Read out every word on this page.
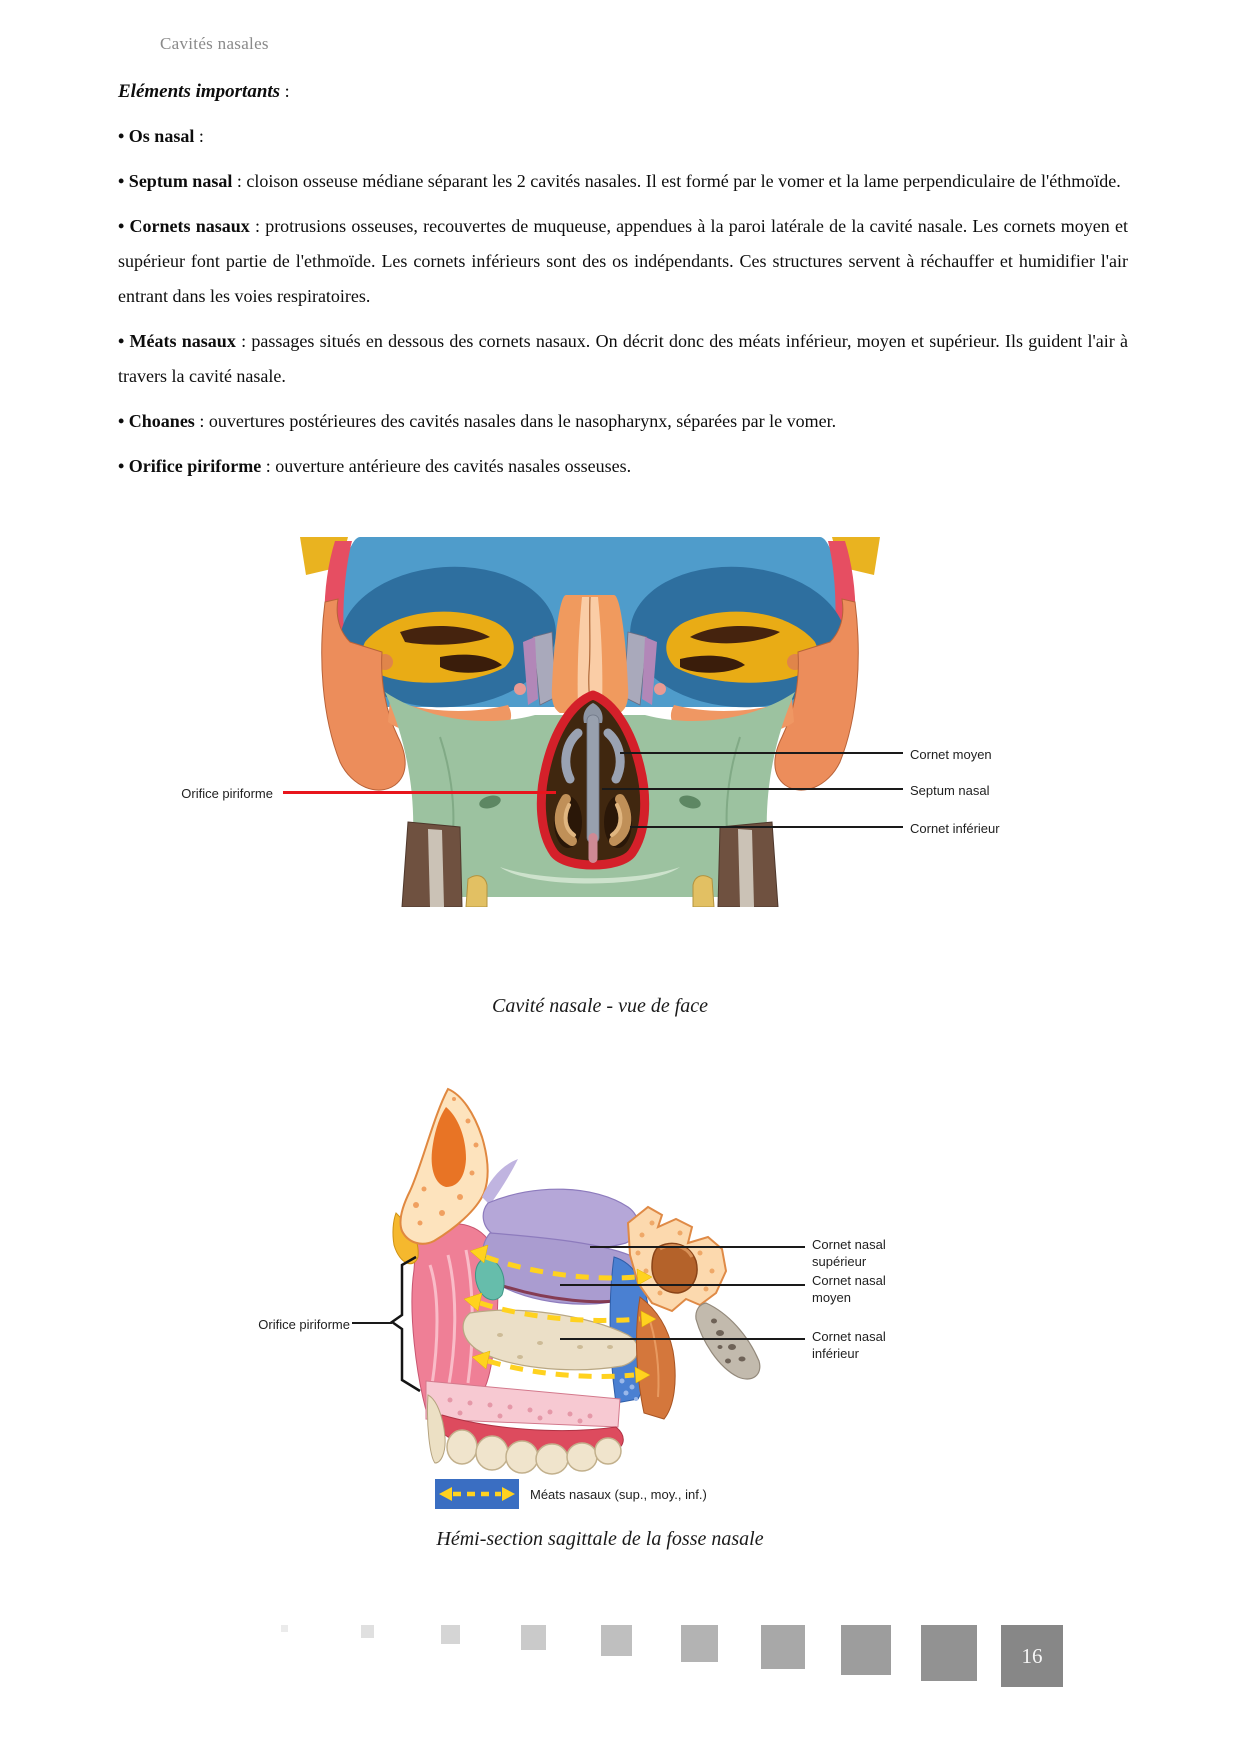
Cavités nasales

Eléments importants :

• Os nasal :

• Septum nasal : cloison osseuse médiane séparant les 2 cavités nasales. Il est formé par le vomer et la lame perpendiculaire de l'éthmoïde.

• Cornets nasaux : protrusions osseuses, recouvertes de muqueuse, appendues à la paroi latérale de la cavité nasale. Les cornets moyen et supérieur font partie de l'ethmoïde. Les cornets inférieurs sont des os indépendants. Ces structures servent à réchauffer et humidifier l'air entrant dans les voies respiratoires.

• Méats nasaux : passages situés en dessous des cornets nasaux. On décrit donc des méats inférieur, moyen et supérieur. Ils guident l'air à travers la cavité nasale.

• Choanes : ouvertures postérieures des cavités nasales dans le nasopharynx, séparées par le vomer.

• Orifice piriforme : ouverture antérieure des cavités nasales osseuses.

Orifice piriforme
Cornet moyen
Septum nasal
Cornet inférieur
Cavité nasale - vue de face
Orifice piriforme
Cornet nasal
supérieur
Cornet nasal
moyen
Cornet nasal
inférieur
Méats nasaux (sup., moy., inf.)
Hémi-section sagittale de la fosse nasale
16
